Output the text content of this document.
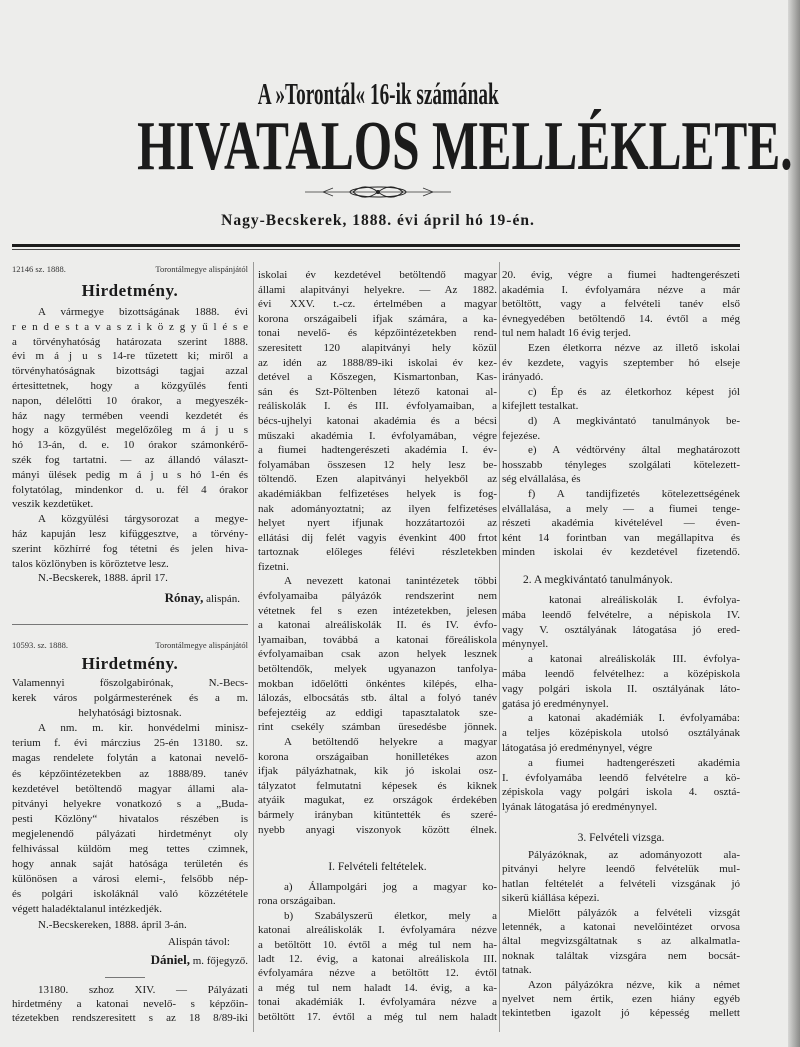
A »Torontál« 16-ik számának
HIVATALOS MELLÉKLETE.
Nagy-Becskerek, 1888. évi ápril hó 19-én.
12146 sz. 1888.	Torontálmegye alispánjától
Hirdetmény.
A vármegye bizottságának 1888. évi
r e n d e s t a v a s z i k ö z g y ű l é s e
a törvényhatóság határozata szerint 1888.
évi m á j u s 14-re tűzetett ki; miről a
törvényhatóságnak bizottsági tagjai azzal
értesittetnek, hogy a közgyűlés fenti
napon, délelőtti 10 órakor, a megyeszék-
ház nagy termében veendi kezdetét és
hogy a közgyűlést megelőzőleg m á j u s
hó 13-án, d. e. 10 órakor számonkérő-
szék fog tartatni. — az állandó választ-
mányi ülések pedig m á j u s hó 1-én és
folytatólag, mindenkor d. u. fél 4 órakor
veszik kezdetüket.
A közgyülési tárgysorozat a megye-
ház kapuján lesz kifüggesztve, a törvény-
szerint közhírré fog tétetni és jelen hiva-
talos közlönyben is köröztetve lesz.
N.-Becskerek, 1888. ápril 17.
Rónay, alispán.
10593. sz. 1888.	Torontálmegye alispánjától
Hirdetmény.
Valamennyi főszolgabirónak, N.-Becs-
kerek város polgármesterének és a m.
helyhatósági biztosnak.
A nm. m. kir. honvédelmi minisz-
terium f. évi márczius 25-én 13180. sz.
magas rendelete folytán a katonai nevelő-
és képzőintézetekben az 1888/89. tanév
kezdetével betöltendő magyar állami ala-
pitványi helyekre vonatkozó s a „Buda-
pesti Közlöny“ hivatalos részében is
megjelenendő pályázati hirdetményt oly
felhivással küldöm meg tettes czimnek,
hogy annak saját hatósága területén és
különösen a városi elemi-, felsőbb nép-
és polgári iskoláknál való közzététele
végett haladéktalanul intézkedjék.
N.-Becskereken, 1888. ápril 3-án.
Alispán távol:
Dániel, m. főjegyző.
13180. szhoz XIV. — Pályázati
hirdetmény a katonai nevelő- s képzőin-
tézetekben rendszeresitett s az 18 8/89-iki
iskolai év kezdetével betöltendő magyar
állami alapitványi helyekre. — Az 1882.
évi XXV. t.-cz. értelmében a magyar
korona országaibeli ifjak számára, a ka-
tonai nevelő- és képzőintézetekben rend-
szeresitett 120 alapitványi hely közül
az idén az 1888/89-iki iskolai év kez-
detével a Kőszegen, Kismartonban, Kas-
sán és Szt-Pöltenben létező katonai al-
reáliskolák I. és III. évfolyamaiban, a
bécs-ujhelyi katonai akadémia és a bécsi
műszaki akadémia I. évfolyamában, végre
a fiumei hadtengerészeti akadémia I. év-
folyamában összesen 12 hely lesz be-
töltendő. Ezen alapitványi helyekből az
akadémiákban felfizetéses helyek is fog-
nak adományoztatni; az ilyen felfizetéses
helyet nyert ifjunak hozzátartozói az
ellátási dij felét vagyis évenkint 400 frtot
tartoznak előleges félévi részletekben
fizetni.
A nevezett katonai tanintézetek többi
évfolyamaiba pályázók rendszerint nem
vétetnek fel s ezen intézetekben, jelesen
a katonai alreáliskolák II. és IV. évfo-
lyamaiban, továbbá a katonai főreáliskola
évfolyamaiban csak azon helyek lesznek
betöltendők, melyek ugyanazon tanfolya-
mokban időelőtti önkéntes kilépés, elha-
lálozás, elbocsátás stb. által a folyó tanév
befejeztéig az eddigi tapasztalatok sze-
rint csekély számban üresedésbe jönnek.
A betöltendő helyekre a magyar
korona országaiban honilletékes azon
ifjak pályázhatnak, kik jó iskolai osz-
tályzatot felmutatni képesek és kiknek
atyáik magukat, ez országok érdekében
bármely irányban kitüntették és szeré-
nyebb anyagi viszonyok között élnek.
I. Felvételi feltételek.
a) Állampolgári jog a magyar ko-
rona országaiban.
b) Szabályszerü életkor, mely a
katonai alreáliskolák I. évfolyamára nézve
a betöltött 10. évtől a még tul nem ha-
ladt 12. évig, a katonai alreáliskola III.
évfolyamára nézve a betöltött 12. évtől
a még tul nem haladt 14. évig, a ka-
tonai akadémiák I. évfolyamára nézve a
betöltött 17. évtől a még tul nem haladt
20. évig, végre a fiumei hadtengerészeti
akadémia I. évfolyamára nézve a már
betöltött, vagy a felvételi tanév első
évnegyedében betöltendő 14. évtől a még
tul nem haladt 16 évig terjed.
Ezen életkorra nézve az illető iskolai
év kezdete, vagyis szeptember hó elseje
irányadó.
c) Ép és az életkorhoz képest jól
kifejlett testalkat.
d) A megkivántató tanulmányok be-
fejezése.
e) A védtörvény által meghatározott
hosszabb tényleges szolgálati kötelezett-
ség elvállalása, és
f) A tandijfizetés kötelezettségének
elvállalása, a mely — a fiumei tenge-
részeti akadémia kivételével — éven-
ként 14 forintban van megállapitva és
minden iskolai év kezdetével fizetendő.
2. A megkivántató tanulmányok.
katonai alreáliskolák I. évfolya-
mába leendő felvételre, a népiskola IV.
vagy V. osztályának látogatása jó ered-
ménynyel.
a katonai alreáliskolák III. évfolya-
mába leendő felvételhez: a középiskola
vagy polgári iskola II. osztályának láto-
gatása jó eredménynyel.
a katonai akadémiák I. évfolyamába:
a teljes középiskola utolsó osztályának
látogatása jó eredménynyel, végre
a fiumei hadtengerészeti akadémia
I. évfolyamába leendő felvételre a kö-
zépiskola vagy polgári iskola 4. osztá-
lyának látogatása jó eredménynyel.
3. Felvételi vizsga.
Pályázóknak, az adományozott ala-
pitványi helyre leendő felvételük mul-
hatlan feltételét a felvételi vizsgának jó
sikerü kiállása képezi.
Mielőtt pályázók a felvételi vizsgát
letennék, a katonai nevelőintézet orvosa
által megvizsgáltatnak s az alkalmatla-
noknak találtak vizsgára nem bocsát-
tatnak.
Azon pályázókra nézve, kik a német
nyelvet nem értik, ezen hiány egyéb
tekintetben igazolt jó képesség mellett
